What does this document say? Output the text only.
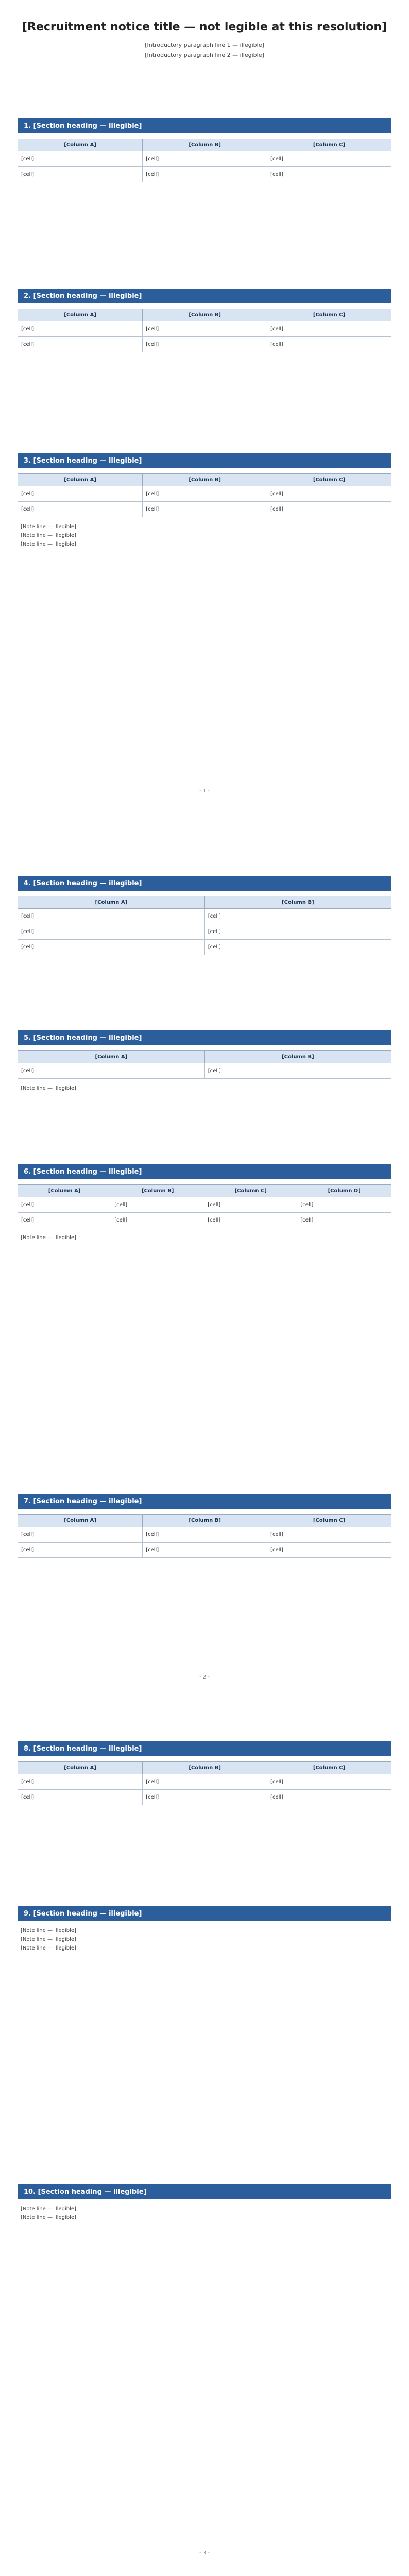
[Recruitment notice title — not legible at this resolution]
[Introductory paragraph line 1 — illegible]
[Introductory paragraph line 2 — illegible]
1. [Section heading — illegible]
[Column A]	[Column B]	[Column C]
[cell]	[cell]	[cell]
[cell]	[cell]	[cell]
2. [Section heading — illegible]
[Column A]	[Column B]	[Column C]
[cell]	[cell]	[cell]
[cell]	[cell]	[cell]
3. [Section heading — illegible]
[Column A]	[Column B]	[Column C]
[cell]	[cell]	[cell]
[cell]	[cell]	[cell]
[Note line — illegible]
[Note line — illegible]
[Note line — illegible]
4. [Section heading — illegible]
[Column A]	[Column B]
[cell]	[cell]
[cell]	[cell]
[cell]	[cell]
5. [Section heading — illegible]
[Column A]	[Column B]
[cell]	[cell]
[Note line — illegible]
6. [Section heading — illegible]
[Column A]	[Column B]	[Column C]	[Column D]
[cell]	[cell]	[cell]	[cell]
[cell]	[cell]	[cell]	[cell]
[Note line — illegible]
7. [Section heading — illegible]
[Column A]	[Column B]	[Column C]
[cell]	[cell]	[cell]
[cell]	[cell]	[cell]
8. [Section heading — illegible]
[Column A]	[Column B]	[Column C]
[cell]	[cell]	[cell]
[cell]	[cell]	[cell]
9. [Section heading — illegible]
[Note line — illegible]
[Note line — illegible]
[Note line — illegible]
10. [Section heading — illegible]
[Note line — illegible]
[Note line — illegible]
- 1 -
- 2 -
- 3 -
